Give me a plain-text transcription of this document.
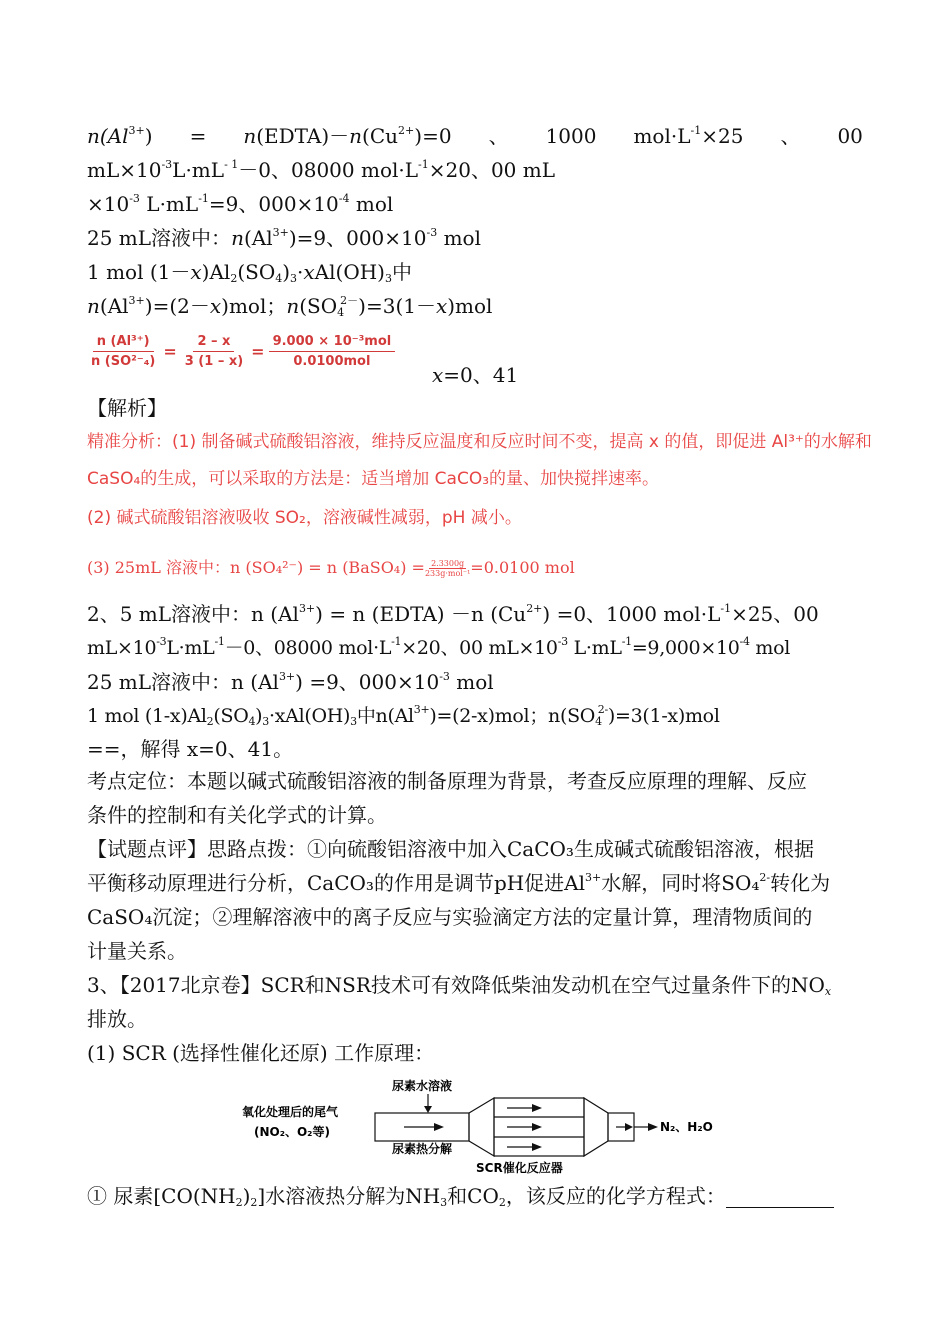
$n(Al^{3+})$ = $n(EDTA)-n(Cu^{2+})=0$ 、 1000 $mol\cdot L^{-1}\times 25$ 、 00
$mL\times 10^{-3}L\cdot mL^{- 1}-0$、08000 $mol\cdot L^{-1}\times 20$、00 mL
$\times 10^{-3}$ $L\cdot mL^{-1}=9$、$000\times 10^{-4}$ mol
25 mL溶液中：$n(Al^{3+})=9$、$000\times 10^{-3}$ mol
1 mol $(1-x)Al_2(SO_4)_3\cdot xAl(OH)_3$中
$n(Al^{3+})=(2-x)mol$；$n(SO_4^{2-})=3(1-x)mol$
$\frac{\text{n (Al³⁺)}}{\text{n (SO²⁻₄)}} = \frac{2 - x}{3 (1 - x)} = \frac{\text{9.000 × 10⁻³mol}}{\text{0.0100mol}}$
x=0、41
【解析】
精准分析：(1) 制备碱式硫酸铝溶液，维持反应温度和反应时间不变，提高 x 的值，即促进 Al³⁺的水解和
CaSO₄的生成，可以采取的方法是：适当增加 CaCO₃的量、加快搅拌速率。
(2) 碱式硫酸铝溶液吸收 SO₂，溶液碱性减弱，pH 减小。
(3) 25mL 溶液中：n (SO₄²⁻) = n (BaSO₄) = 2.3300g
233g·mol⁻¹ =0.0100 mol
2、5 mL溶液中：n $(Al^{3+}) = n$ (EDTA) －n $(Cu^{2+}) =0$、1000 $mol\cdot L^{-1}\times 25$、00
$mL\times 10^{-3}L\cdot mL^{-1}-0$、08000 $mol\cdot L^{-1}\times 20$、00 $mL\times 10^{-3}$ $L\cdot mL^{-1}=9,000\times 10^{-4}$ mol
25 mL溶液中：n $(Al^{3+}) =9$、$000\times 10^{-3}$ mol
1 mol $(1-x)Al_2(SO_4)_3\cdot xAl(OH)_3$中$n(Al^{3+})=(2-x)mol$；$n(SO_4^{2-})=3(1-x)mol$
==，解得 x=0、41。
考点定位：本题以碱式硫酸铝溶液的制备原理为背景，考查反应原理的理解、反应
条件的控制和有关化学式的计算。
【试题点评】思路点拨：①向硫酸铝溶液中加入CaCO₃生成碱式硫酸铝溶液，根据
平衡移动原理进行分析，CaCO₃的作用是调节pH促进$Al^{3+}$水解，同时将SO₄$^{2-}$转化为
CaSO₄沉淀；②理解溶液中的离子反应与实验滴定方法的定量计算，理清物质间的
计量关系。
3、【2017北京卷】SCR和NSR技术可有效降低柴油发动机在空气过量条件下的$NO_x$
排放。
(1) SCR (选择性催化还原) 工作原理：
氧化处理后的尾气
(NO₂、O₂等)
尿素水溶液
尿素热分解
N₂、H₂O
SCR催化反应器
① 尿素$[CO(NH_2)_2]$水溶液热分解为$NH_3$和$CO_2$，该反应的化学方程式：
